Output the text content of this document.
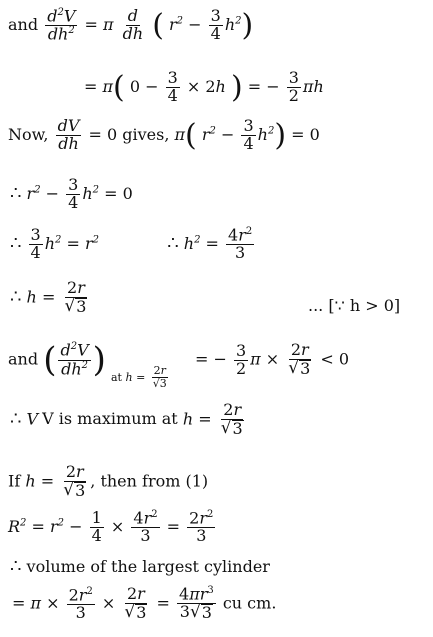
and $\frac{d^2V}{dh^2} = \pi \frac{d}{dh}$ ( $r^2 - \frac{3}{4} h^2$)
= π( $0 - \frac{3}{4} \times 2h$ ) = − $\frac{3}{2}$ πh
Now, $\frac{dV}{dh} = 0$ gives, π( $r^2 - \frac{3}{4} h^2) = 0$
∴ $r^2 - \frac{3}{4} h^2 = 0$
∴ $\frac{3}{4} h^2 = r^2$	∴ $h^2 = \frac{4r^2}{3}$
∴ $h = \frac{2r}{√ 3}$	... [∵ h > 0]
and ( $\frac{d^2V}{dh^2}$ ) $_{at h = \frac{2r}{√3}}$
= − $\frac{3}{2}$ $\pi \times \frac{2r}{√ 3} < 0$
∴ V V is maximum at $h = \frac{2r}{√ 3}$
If $h = \frac{2r}{√ 3}$ , then from (1)
$R^2 = r^2 - \frac{1}{4} \times \frac{4r^2}{3} = \frac{2r^2}{3}$
∴ volume of the largest cylinder
= $\pi \times \frac{2r^2}{3} \times \frac{2r}{√ 3} = \frac{4\pi r^3}{3 √ 3}$ cu cm.
